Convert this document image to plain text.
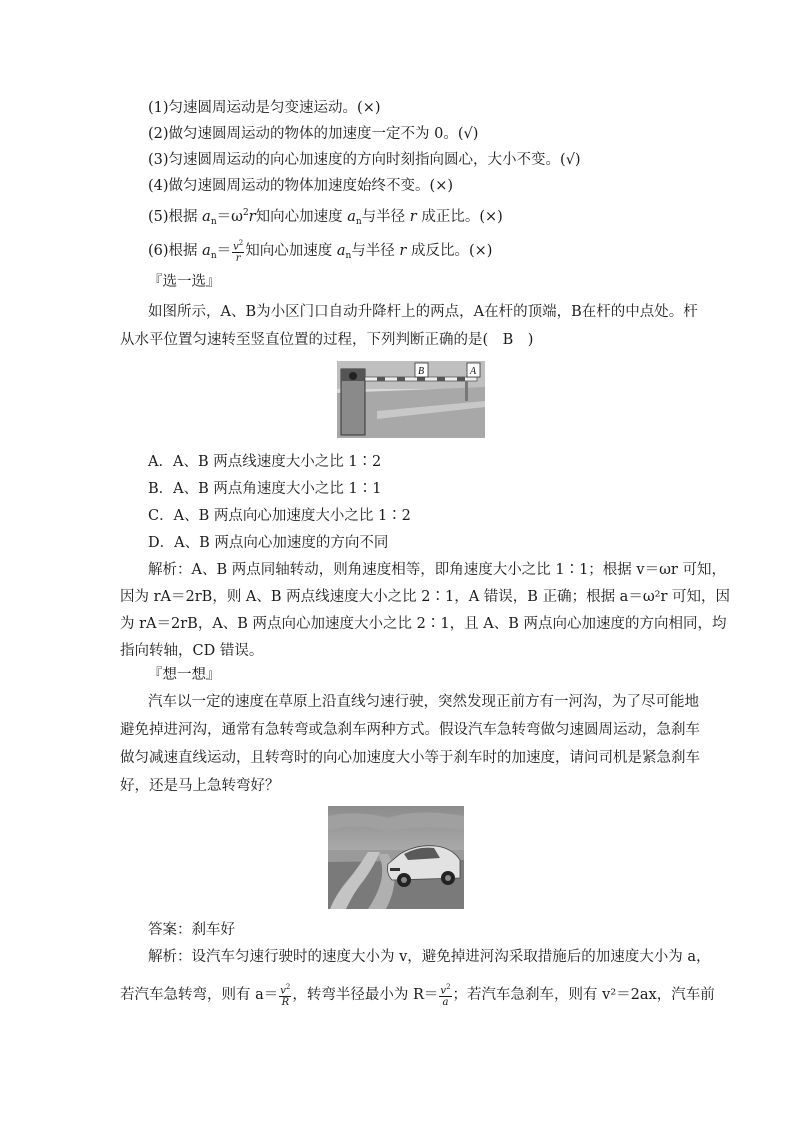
(1)匀速圆周运动是匀变速运动。(×)
(2)做匀速圆周运动的物体的加速度一定不为 0。(√)
(3)匀速圆周运动的向心加速度的方向时刻指向圆心，大小不变。(√)
(4)做匀速圆周运动的物体加速度始终不变。(×)
(5)根据 $a_n=\omega^2r$知向心加速度 $a_n$与半径 r 成正比。(×)
(6)根据 $a_n= \frac{v^2}{r}$ 知向心加速度 $a_n$与半径 r 成反比。(×)
『选一选』
如图所示，A、B为小区门口自动升降杆上的两点，A在杆的顶端，B在杆的中点处。杆
从水平位置匀速转至竖直位置的过程，下列判断正确的是(　B　)
B	A
A．A、B 两点线速度大小之比 1∶2
B．A、B 两点角速度大小之比 1∶1
C．A、B 两点向心加速度大小之比 1∶2
D．A、B 两点向心加速度的方向不同
解析：A、B 两点同轴转动，则角速度相等，即角速度大小之比 1∶1；根据 v＝ωr 可知，
因为 rA＝2rB，则 A、B 两点线速度大小之比 2∶1，A 错误，B 正确；根据 a＝ω²r 可知，因
为 rA＝2rB，A、B 两点向心加速度大小之比 2∶1，且 A、B 两点向心加速度的方向相同，均
指向转轴，CD 错误。
『想一想』
汽车以一定的速度在草原上沿直线匀速行驶，突然发现正前方有一河沟，为了尽可能地
避免掉进河沟，通常有急转弯或急刹车两种方式。假设汽车急转弯做匀速圆周运动，急刹车
做匀减速直线运动，且转弯时的向心加速度大小等于刹车时的加速度，请问司机是紧急刹车
好，还是马上急转弯好？
答案：刹车好
解析：设汽车匀速行驶时的速度大小为 v，避免掉进河沟采取措施后的加速度大小为 a，
若汽车急转弯，则有 $a= \frac{v^2}{R}$ ，转弯半径最小为 $R= \frac{v^2}{a}$ ；若汽车急刹车，则有 v²＝2ax，汽车前
